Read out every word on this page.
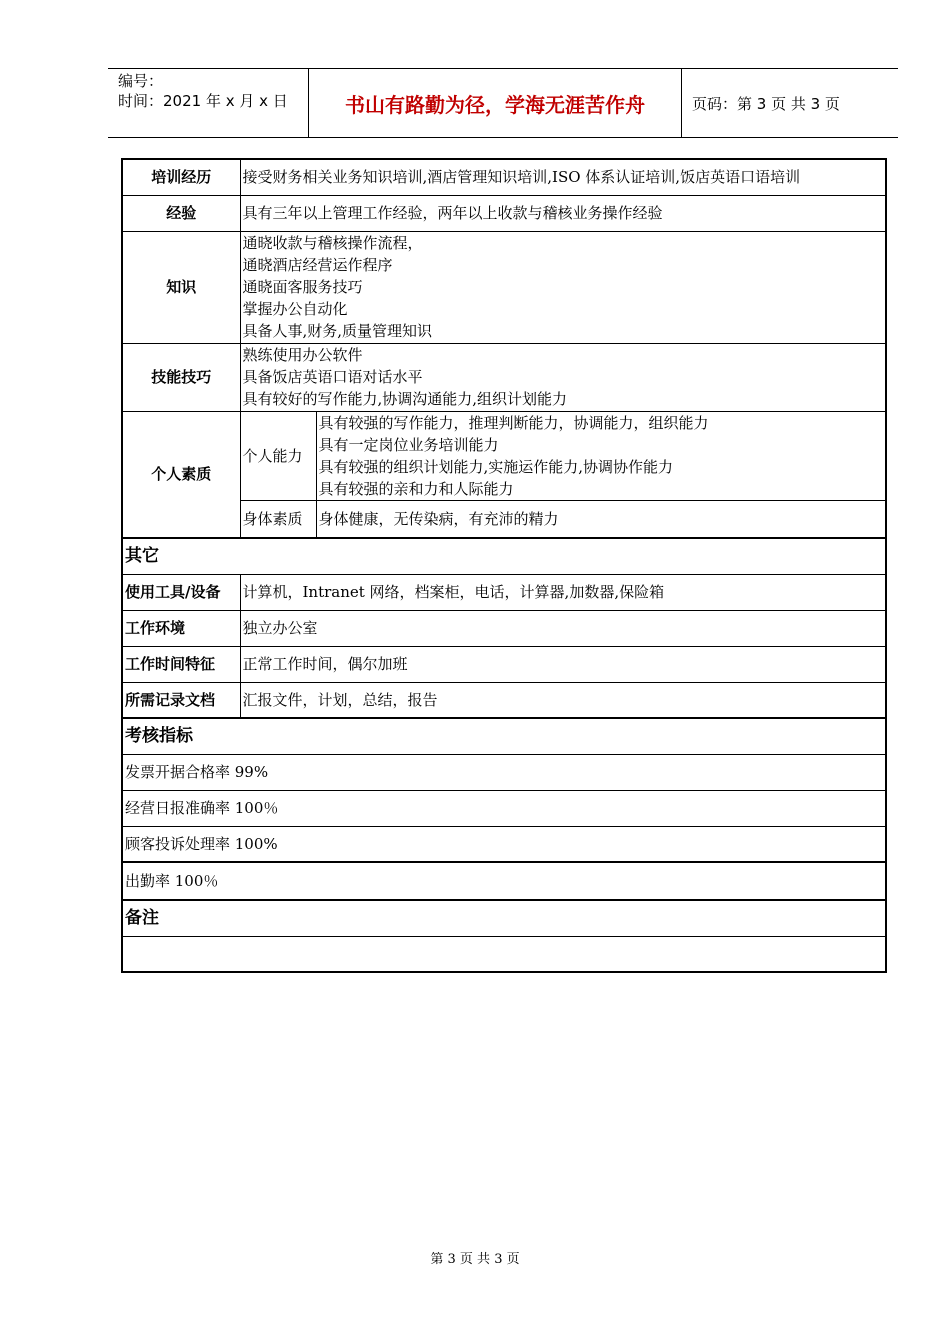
编号：
时间：2021 年 x 月 x 日	书山有路勤为径，学海无涯苦作舟	页码：第 3 页 共 3 页
培训经历	接受财务相关业务知识培训,酒店管理知识培训,ISO 体系认证培训,饭店英语口语培训	
经验	具有三年以上管理工作经验，两年以上收款与稽核业务操作经验	
知识	通晓收款与稽核操作流程，
通晓酒店经营运作程序
通晓面客服务技巧
掌握办公自动化
具备人事,财务,质量管理知识	

技能技巧	熟练使用办公软件
具备饭店英语口语对话水平
具有较好的写作能力,协调沟通能力,组织计划能力	

个人素质	个人能力	具有较强的写作能力，推理判断能力，协调能力，组织能力
具有一定岗位业务培训能力
具有较强的组织计划能力,实施运作能力,协调协作能力
具有较强的亲和力和人际能力

	身体素质	身体健康，无传染病，有充沛的精力
其它		
使用工具/设备	计算机，Intranet 网络，档案柜，电话，计算器,加数器,保险箱	
工作环境	独立办公室	
工作时间特征	正常工作时间，偶尔加班	
所需记录文档	汇报文件，计划，总结，报告	
考核指标		
发票开据合格率 99%		
经营日报准确率 100％		
顾客投诉处理率 100%		
出勤率 100％		
备注		

第 3 页 共 3 页
